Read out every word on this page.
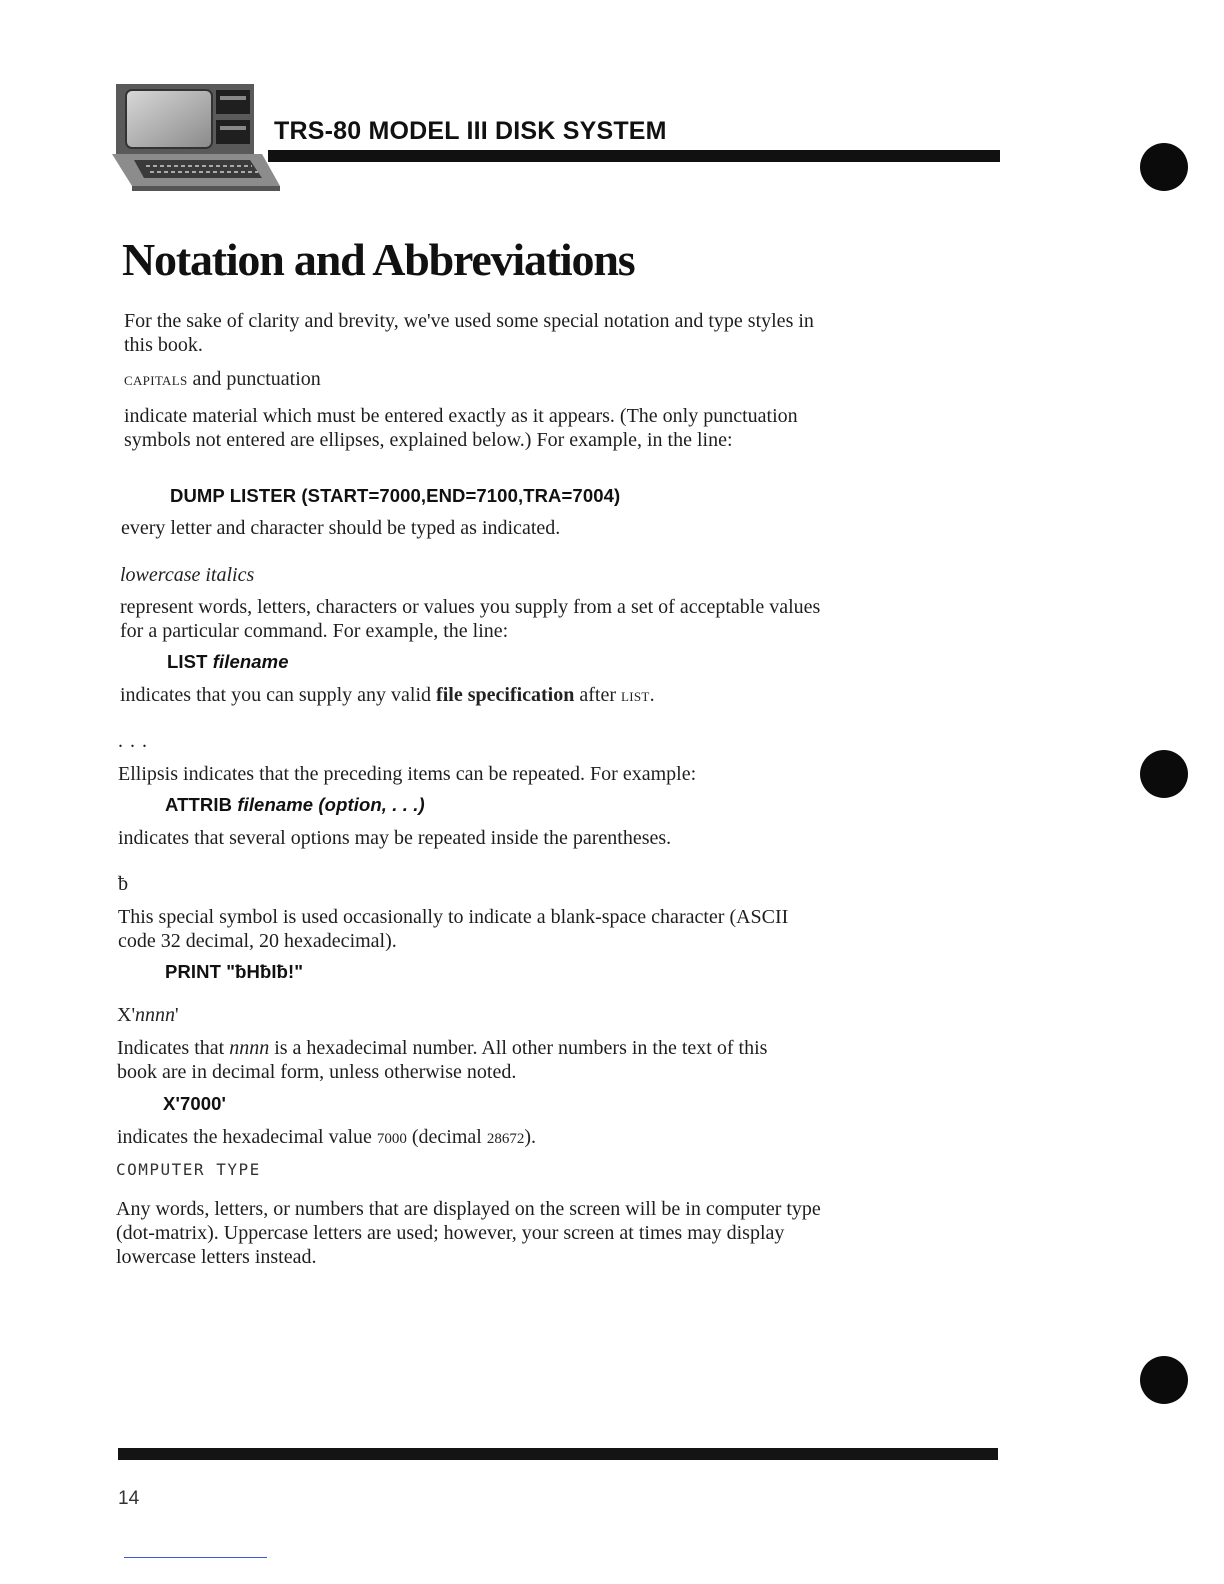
TRS-80 MODEL III DISK SYSTEM
Notation and Abbreviations
For the sake of clarity and brevity, we've used some special notation and type styles in this book.
capitals and punctuation
indicate material which must be entered exactly as it appears. (The only punctuation symbols not entered are ellipses, explained below.) For example, in the line:
DUMP LISTER (START=7000,END=7100,TRA=7004)
every letter and character should be typed as indicated.
lowercase italics
represent words, letters, characters or values you supply from a set of acceptable values for a particular command. For example, the line:
LIST filename
indicates that you can supply any valid file specification after list.
. . .
Ellipsis indicates that the preceding items can be repeated. For example:
ATTRIB filename (option, . . .)
indicates that several options may be repeated inside the parentheses.
ƀ
This special symbol is used occasionally to indicate a blank-space character (ASCII code 32 decimal, 20 hexadecimal).
PRINT "ƀHƀIƀ!"
X'nnnn'
Indicates that nnnn is a hexadecimal number. All other numbers in the text of this book are in decimal form, unless otherwise noted.
X'7000'
indicates the hexadecimal value 7000 (decimal 28672).
COMPUTER TYPE
Any words, letters, or numbers that are displayed on the screen will be in computer type (dot-matrix). Uppercase letters are used; however, your screen at times may display lowercase letters instead.
14
